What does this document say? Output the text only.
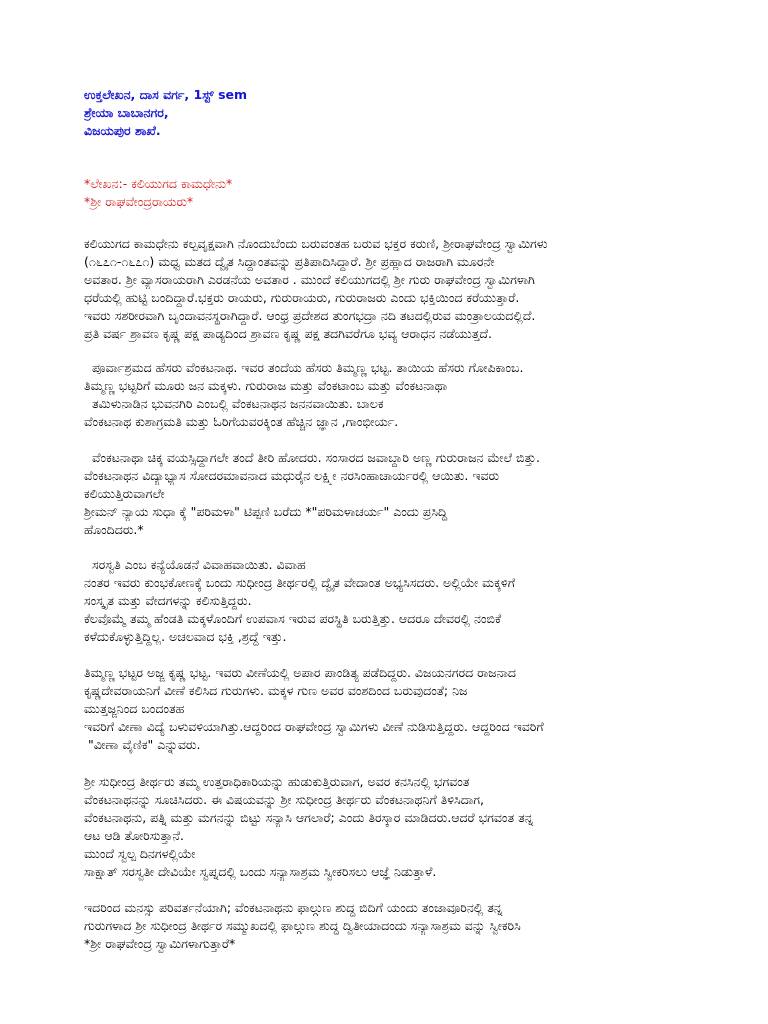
ಉಕ್ತಲೇಖನ, ದಾಸ ವರ್ಗ, 1ಸ್ಟ್ sem
ಶ್ರೇಯಾ ಬಾಬಾನಗರ,
ವಿಜಯಪುರ ಶಾಖೆ.
*ಲೇಖನ:- ಕಲಿಯುಗದ ಕಾಮಧೇನು*
*ಶ್ರೀ ರಾಘವೇಂದ್ರರಾಯರು*
ಕಲಿಯುಗದ ಕಾಮಧೇನು ಕಲ್ಪವೃಕ್ಷವಾಗಿ ನೊಂದುಬೆಂದು ಬರುವಂತಹ ಬರುವ ಭಕ್ತರ ಕರುಣಿ, ಶ್ರೀರಾಘವೇಂದ್ರ ಸ್ವಾಮಿಗಳು
(೧೬೭೧-೧೬೭೧) ಮಧ್ವ ಮತದ ದ್ವೈತ ಸಿದ್ಧಾಂತವನ್ನು ಪ್ರತಿಪಾದಿಸಿದ್ದಾರೆ. ಶ್ರೀ ಪ್ರಹ್ಲಾದ ರಾಜರಾಗಿ ಮೂರನೇ
ಅವತಾರ. ಶ್ರೀ ವ್ಯಾಸರಾಯರಾಗಿ ಎರಡನೆಯ ಅವತಾರ . ಮುಂದೆ ಕಲಿಯುಗದಲ್ಲಿ ಶ್ರೀ ಗುರು ರಾಘವೇಂದ್ರ ಸ್ವಾಮಿಗಳಾಗಿ
ಧರೆಯಲ್ಲಿ ಹುಟ್ಟಿ ಬಂದಿದ್ದಾರೆ.ಭಕ್ತರು ರಾಯರು, ಗುರುರಾಯರು, ಗುರುರಾಜರು ಎಂದು ಭಕ್ತಿಯಿಂದ ಕರೆಯುತ್ತಾರೆ.
ಇವರು ಸಶರೀರವಾಗಿ ಬೃಂದಾವನಸ್ಥರಾಗಿದ್ದಾರೆ. ಆಂಧ್ರ ಪ್ರದೇಶದ ತುಂಗಭದ್ರಾ ನದಿ ತಟದಲ್ಲಿರುವ ಮಂತ್ರಾಲಯದಲ್ಲಿದೆ.
ಪ್ರತಿ ವರ್ಷ ಶ್ರಾವಣ ಕೃಷ್ಣ ಪಕ್ಷ ಪಾಡ್ಯದಿಂದ ಶ್ರಾವಣ ಕೃಷ್ಣ ಪಕ್ಷ ತದಗಿವರೆಗೂ ಭವ್ಯ ಆರಾಧನ ನಡೆಯುತ್ತದೆ.
ಪೂರ್ವಾಶ್ರಮದ ಹೆಸರು ವೆಂಕಟನಾಥ. ಇವರ ತಂದೆಯ ಹೆಸರು ತಿಮ್ಮಣ್ಣ ಭಟ್ಟ. ತಾಯಿಯ ಹೆಸರು ಗೋಪಿಕಾಂಬ.
ತಿಮ್ಮಣ್ಣ ಭಟ್ಟರಿಗೆ ಮೂರು ಜನ ಮಕ್ಕಳು. ಗುರುರಾಜ ಮತ್ತು ವೆಂಕಟಾಂಬ ಮತ್ತು ವೆಂಕಟನಾಥಾ
ತಮಿಳುನಾಡಿನ ಭುವನಗಿರಿ ಎಂಬಲ್ಲಿ ವೆಂಕಟನಾಥನ ಜನನವಾಯಿತು. ಬಾಲಕ
ವೆಂಕಟನಾಥ ಕುಶಾಗ್ರಮತಿ ಮತ್ತು ಓರಿಗೆಯವರಕ್ಕಿಂತ ಹೆಚ್ಚಿನ ಜ್ಞಾನ ,ಗಾಂಭೀರ್ಯ.
ವೆಂಕಟನಾಥಾ ಚಿಕ್ಕ ವಯಸ್ಸಿದ್ದಾಗಲೇ ತಂದೆ ತೀರಿ ಹೋದರು. ಸಂಸಾರದ ಜವಾಬ್ದಾರಿ ಅಣ್ಣ ಗುರುರಾಜನ ಮೇಲೆ ಬಿತ್ತು.
ವೆಂಕಟನಾಥನ ವಿದ್ಯಾಭ್ಯಾಸ ಸೋದರಮಾವನಾದ ಮಧುರೈನ ಲಕ್ಷ್ಮೀ ನರಸಿಂಹಾಚಾರ್ಯರಲ್ಲಿ ಆಯಿತು. ಇವರು
ಕಲಿಯುತ್ತಿರುವಾಗಲೇ
ಶ್ರೀಮನ್ ನ್ಯಾಯ ಸುಧಾ ಕ್ಕೆ "ಪರಿಮಳಾ" ಟಿಪ್ಪಣಿ ಬರೆದು *"ಪರಿಮಳಾಚರ್ಯ" ಎಂದು ಪ್ರಸಿದ್ಧಿ
ಹೊಂದಿದರು.*
ಸರಸ್ವತಿ ಎಂಬ ಕನ್ಯೆಯೊಡನೆ ವಿವಾಹವಾಯಿತು. ವಿವಾಹ
ನಂತರ ಇವರು ಕುಂಭಕೋಣಕ್ಕೆ ಬಂದು ಸುಧೀಂದ್ರ ತೀರ್ಥರಲ್ಲಿ ದ್ವೈತ ವೇದಾಂತ ಅಭ್ಯಸಿಸದರು. ಅಲ್ಲಿಯೇ ಮಕ್ಕಳಿಗೆ
ಸಂಸ್ಕೃತ ಮತ್ತು ವೇದಗಳನ್ನು ಕಲಿಸುತ್ತಿದ್ದರು.
ಕೆಲವೊಮ್ಮೆ ತಮ್ಮ ಹೆಂಡತಿ ಮಕ್ಕಳೊಂದಿಗೆ ಉಪವಾಸ ಇರುವ ಪರಸ್ಥಿತಿ ಬರುತ್ತಿತ್ತು. ಆದರೂ ದೇವರಲ್ಲಿ ನಂಬಿಕೆ
ಕಳೆದುಕೊಳ್ಳುತ್ತಿದ್ದಿಲ್ಲ. ಅಚಲವಾದ ಭಕ್ತಿ ,ಶ್ರದ್ಧೆ ಇತ್ತು.
ತಿಮ್ಮಣ್ಣ ಭಟ್ಟರ ಅಜ್ಜ ಕೃಷ್ಣ ಭಟ್ಟ. ಇವರು ವೀಣೆಯಲ್ಲಿ ಅಪಾರ ಪಾಂಡಿತ್ಯ ಪಡೆದಿದ್ದರು. ವಿಜಯನಗರದ ರಾಜನಾದ
ಕೃಷ್ಣದೇವರಾಯನಿಗೆ ವೀಣೆ ಕಲಿಸಿದ ಗುರುಗಳು. ಮಕ್ಕಳ ಗುಣ ಅವರ ವಂಶದಿಂದ ಬರುವುದಂತೆ; ನಿಜ
ಮುತ್ತಜ್ಜನಿಂದ ಬಂದಂತಹ
ಇವರಿಗೆ ವೀಣಾ ವಿದ್ಯೆ ಬಳುವಳಿಯಾಗಿತ್ತು.ಆದ್ದರಿಂದ ರಾಘವೇಂದ್ರ ಸ್ವಾಮಿಗಳು ವೀಣೆ ನುಡಿಸುತ್ತಿದ್ದರು. ಆದ್ದರಿಂದ ಇವರಿಗೆ
"ವೀಣಾ ವೈಣಿಕ" ಎನ್ನುವರು.
ಶ್ರೀ ಸುಧೀಂದ್ರ ತೀರ್ಥರು ತಮ್ಮ ಉತ್ತರಾಧಿಕಾರಿಯನ್ನು ಹುಡುಕುತ್ತಿರುವಾಗ, ಅವರ ಕನಸಿನಲ್ಲಿ ಭಗವಂತ
ವೆಂಕಟನಾಥನನ್ನು ಸೂಚಿಸಿದರು. ಈ ವಿಷಯವನ್ನು ಶ್ರೀ ಸುಧೀಂದ್ರ ತೀರ್ಥರು ವೆಂಕಟನಾಥನಿಗೆ ತಿಳಿಸಿದಾಗ,
ವೆಂಕಟನಾಥನು, ಪತ್ನಿ ಮತ್ತು ಮಗನನ್ನು ಬಿಟ್ಟು ಸನ್ಯಾಸಿ ಆಗಲಾರೆ; ಎಂದು ತಿರಸ್ಕಾರ ಮಾಡಿದರು.ಆದರೆ ಭಗವಂತ ತನ್ನ
ಆಟ ಆಡಿ ತೋರಿಸುತ್ತಾನೆ.
ಮುಂದೆ ಸ್ವಲ್ಪ ದಿನಗಳಲ್ಲಿಯೇ
ಸಾಕ್ಷಾತ್ ಸರಸ್ವತೀ ದೇವಿಯೇ ಸ್ವಪ್ನದಲ್ಲಿ ಬಂದು ಸನ್ಯಾಸಾಶ್ರಮ ಸ್ವೀಕರಿಸಲು ಆಜ್ಞೆ ನಿಡುತ್ತಾಳೆ.
ಇದರಿಂದ ಮನಸ್ಸು ಪರಿವರ್ತನೆಯಾಗಿ; ವೆಂಕಟನಾಥನು ಫಾಲ್ಗುಣ ಶುದ್ಧ ಬಿದಿಗೆ ಯಂದು ತಂಜಾವೂರಿನಲ್ಲಿ ತನ್ನ
ಗುರುಗಳಾದ ಶ್ರೀ ಸುಧೀಂದ್ರ ತೀರ್ಥರ ಸಮ್ಮುಖದಲ್ಲಿ ಫಾಲ್ಗುಣ ಶುದ್ಧ ದ್ವಿತೀಯಾದಂದು ಸನ್ಯಾಸಾಶ್ರಮ ವನ್ನು ಸ್ವೀಕರಿಸಿ
*ಶ್ರೀ ರಾಘವೇಂದ್ರ ಸ್ವಾಮಿಗಳಾಗುತ್ತಾರೆ*
